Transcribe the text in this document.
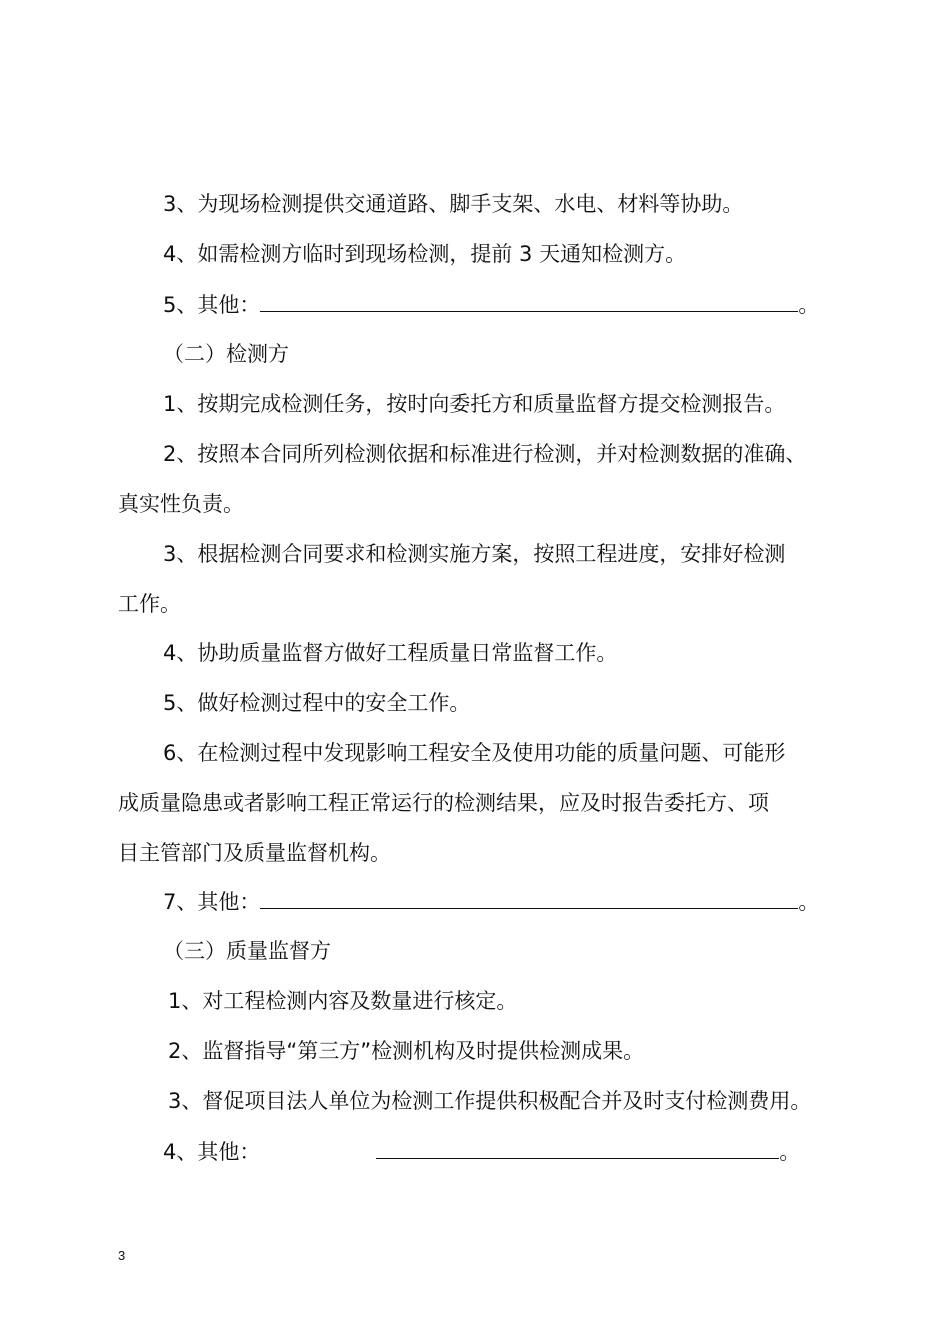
3、为现场检测提供交通道路、脚手支架、水电、材料等协助。
4、如需检测方临时到现场检测，提前 3 天通知检测方。
5、其他：	。
（二）检测方
1、按期完成检测任务，按时向委托方和质量监督方提交检测报告。
2、按照本合同所列检测依据和标准进行检测，并对检测数据的准确、
真实性负责。
3、根据检测合同要求和检测实施方案，按照工程进度，安排好检测
工作。
4、协助质量监督方做好工程质量日常监督工作。
5、做好检测过程中的安全工作。
6、在检测过程中发现影响工程安全及使用功能的质量问题、可能形
成质量隐患或者影响工程正常运行的检测结果，应及时报告委托方、项
目主管部门及质量监督机构。
7、其他：	。
（三）质量监督方
1、对工程检测内容及数量进行核定。
2、监督指导“第三方”检测机构及时提供检测成果。
3、督促项目法人单位为检测工作提供积极配合并及时支付检测费用。
4、其他：	。
3
